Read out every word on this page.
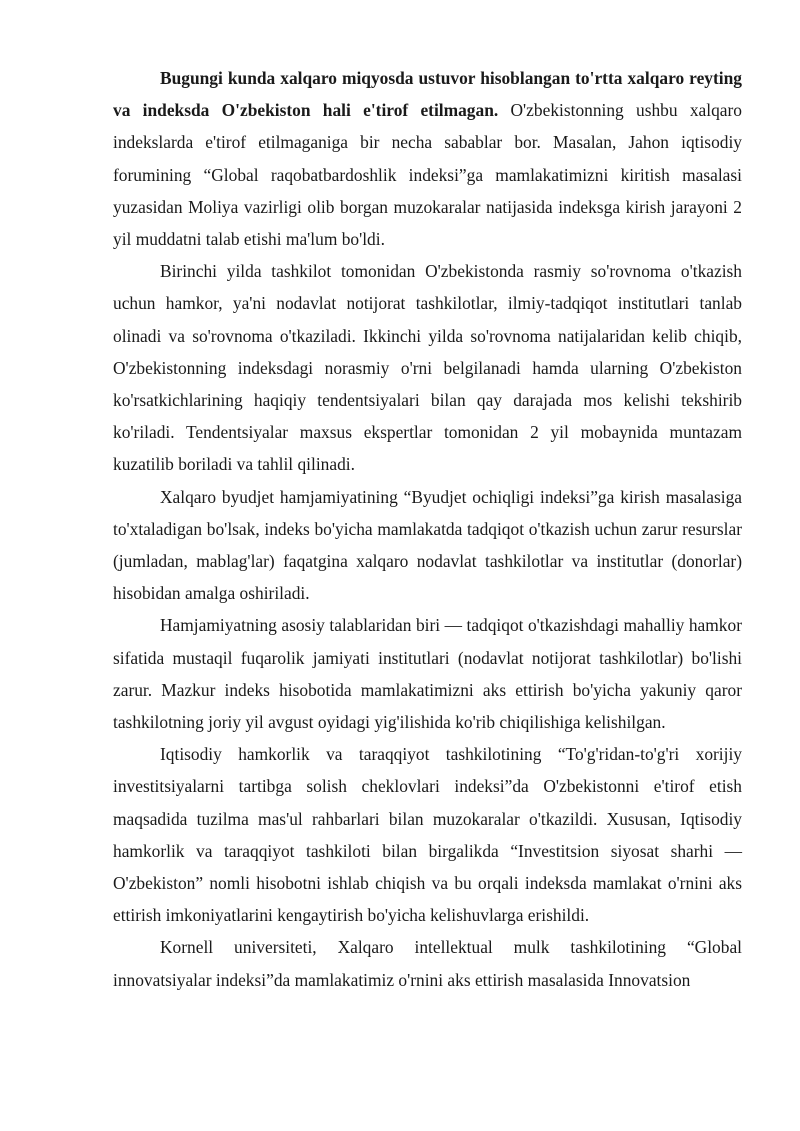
Bugungi kunda xalqaro miqyosda ustuvor hisoblangan to'rtta xalqaro reyting va indeksda O'zbekiston hali e'tirof etilmagan. O'zbekistonning ushbu xalqaro indekslarda e'tirof etilmaganiga bir necha sabablar bor. Masalan, Jahon iqtisodiy forumining “Global raqobatbardoshlik indeksi”ga mamlakatimizni kiritish masalasi yuzasidan Moliya vazirligi olib borgan muzokaralar natijasida indeksga kirish jarayoni 2 yil muddatni talab etishi ma'lum bo'ldi.

Birinchi yilda tashkilot tomonidan O'zbekistonda rasmiy so'rovnoma o'tkazish uchun hamkor, ya'ni nodavlat notijorat tashkilotlar, ilmiy-tadqiqot institutlari tanlab olinadi va so'rovnoma o'tkaziladi. Ikkinchi yilda so'rovnoma natijalaridan kelib chiqib, O'zbekistonning indeksdagi norasmiy o'rni belgilanadi hamda ularning O'zbekiston ko'rsatkichlarining haqiqiy tendentsiyalari bilan qay darajada mos kelishi tekshirib ko'riladi. Tendentsiyalar maxsus ekspertlar tomonidan 2 yil mobaynida muntazam kuzatilib boriladi va tahlil qilinadi.

Xalqaro byudjet hamjamiyatining “Byudjet ochiqligi indeksi”ga kirish masalasiga to'xtaladigan bo'lsak, indeks bo'yicha mamlakatda tadqiqot o'tkazish uchun zarur resurslar (jumladan, mablag'lar) faqatgina xalqaro nodavlat tashkilotlar va institutlar (donorlar) hisobidan amalga oshiriladi.

Hamjamiyatning asosiy talablaridan biri — tadqiqot o'tkazishdagi mahalliy hamkor sifatida mustaqil fuqarolik jamiyati institutlari (nodavlat notijorat tashkilotlar) bo'lishi zarur. Mazkur indeks hisobotida mamlakatimizni aks ettirish bo'yicha yakuniy qaror tashkilotning joriy yil avgust oyidagi yig'ilishida ko'rib chiqilishiga kelishilgan.

Iqtisodiy hamkorlik va taraqqiyot tashkilotining “To'g'ridan-to'g'ri xorijiy investitsiyalarni tartibga solish cheklovlari indeksi”da O'zbekistonni e'tirof etish maqsadida tuzilma mas'ul rahbarlari bilan muzokaralar o'tkazildi. Xususan, Iqtisodiy hamkorlik va taraqqiyot tashkiloti bilan birgalikda “Investitsion siyosat sharhi — O'zbekiston” nomli hisobotni ishlab chiqish va bu orqali indeksda mamlakat o'rnini aks ettirish imkoniyatlarini kengaytirish bo'yicha kelishuvlarga erishildi.

Kornell universiteti, Xalqaro intellektual mulk tashkilotining “Global innovatsiyalar indeksi”da mamlakatimiz o'rnini aks ettirish masalasida Innovatsion
